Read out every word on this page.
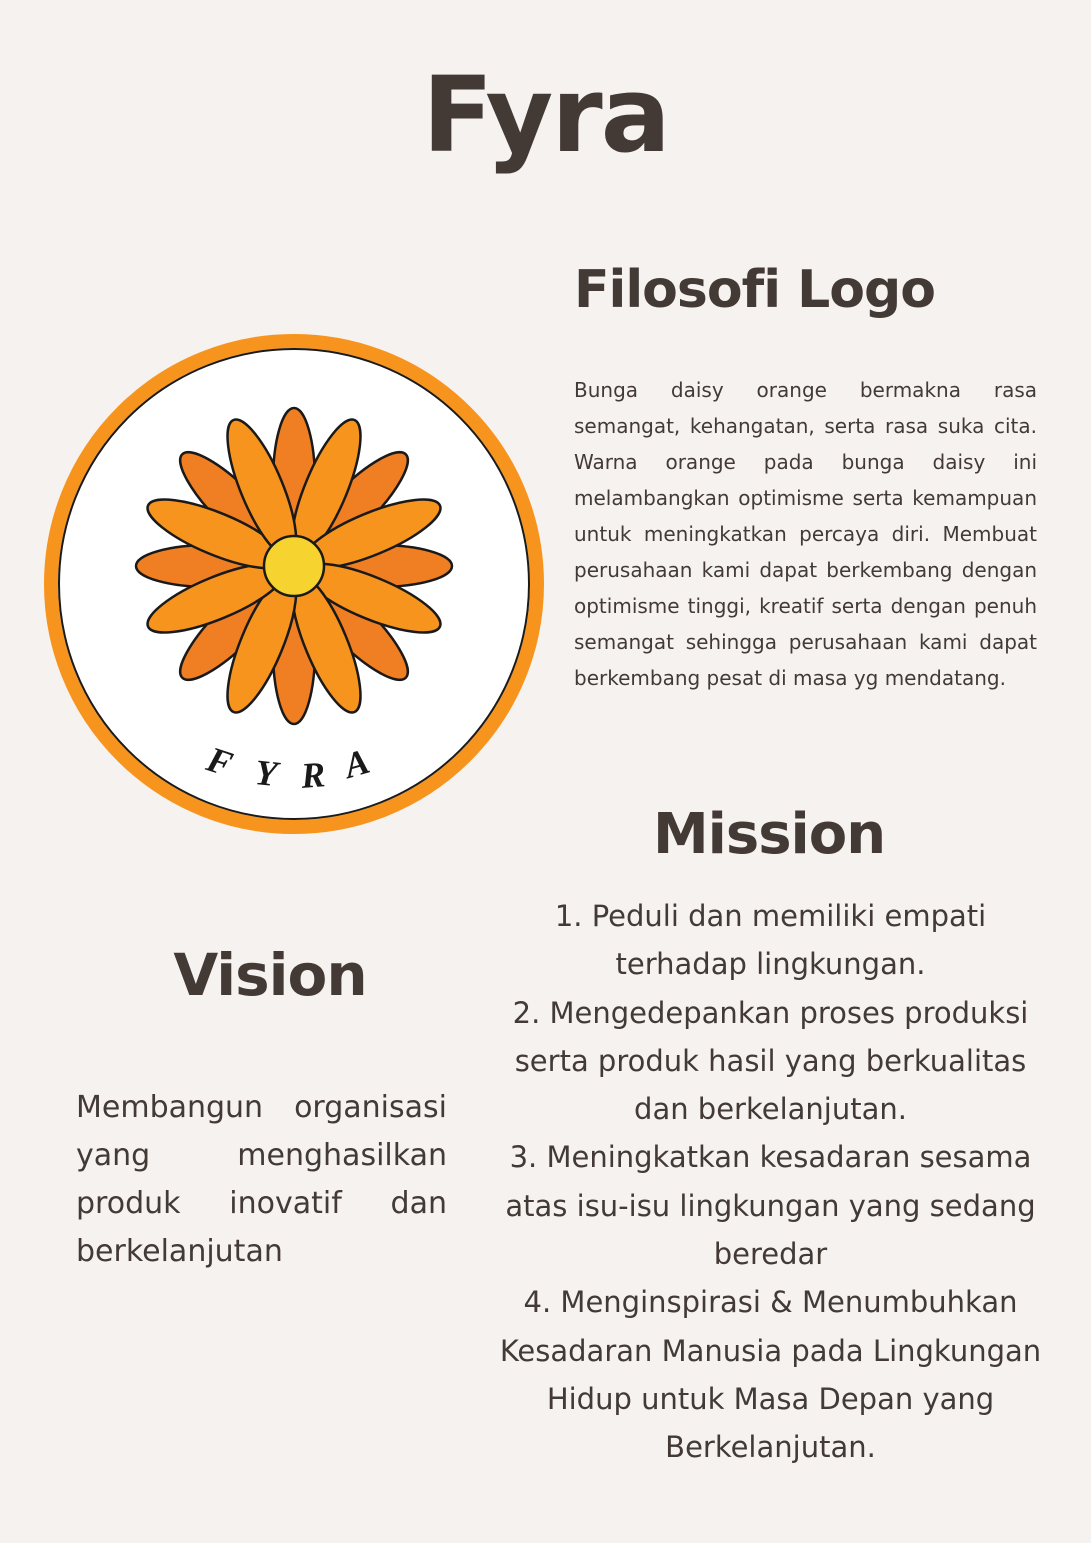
Fyra
F Y R A
Filosofi Logo

Bunga daisy orange bermakna rasa semangat, kehangatan, serta rasa suka cita. Warna orange pada bunga daisy ini melambangkan optimisme serta kemampuan untuk meningkatkan percaya diri. Membuat perusahaan kami dapat berkembang dengan optimisme tinggi, kreatif serta dengan penuh semangat sehingga perusahaan kami dapat berkembang pesat di masa yg mendatang.

Mission
1. Peduli dan memiliki empati terhadap lingkungan.
2. Mengedepankan proses produksi serta produk hasil yang berkualitas dan berkelanjutan.
3. Meningkatkan kesadaran sesama atas isu-isu lingkungan yang sedang beredar
4. Menginspirasi & Menumbuhkan Kesadaran Manusia pada Lingkungan Hidup untuk Masa Depan yang Berkelanjutan.
Vision

Membangun organisasi yang menghasilkan produk inovatif dan berkelanjutan
